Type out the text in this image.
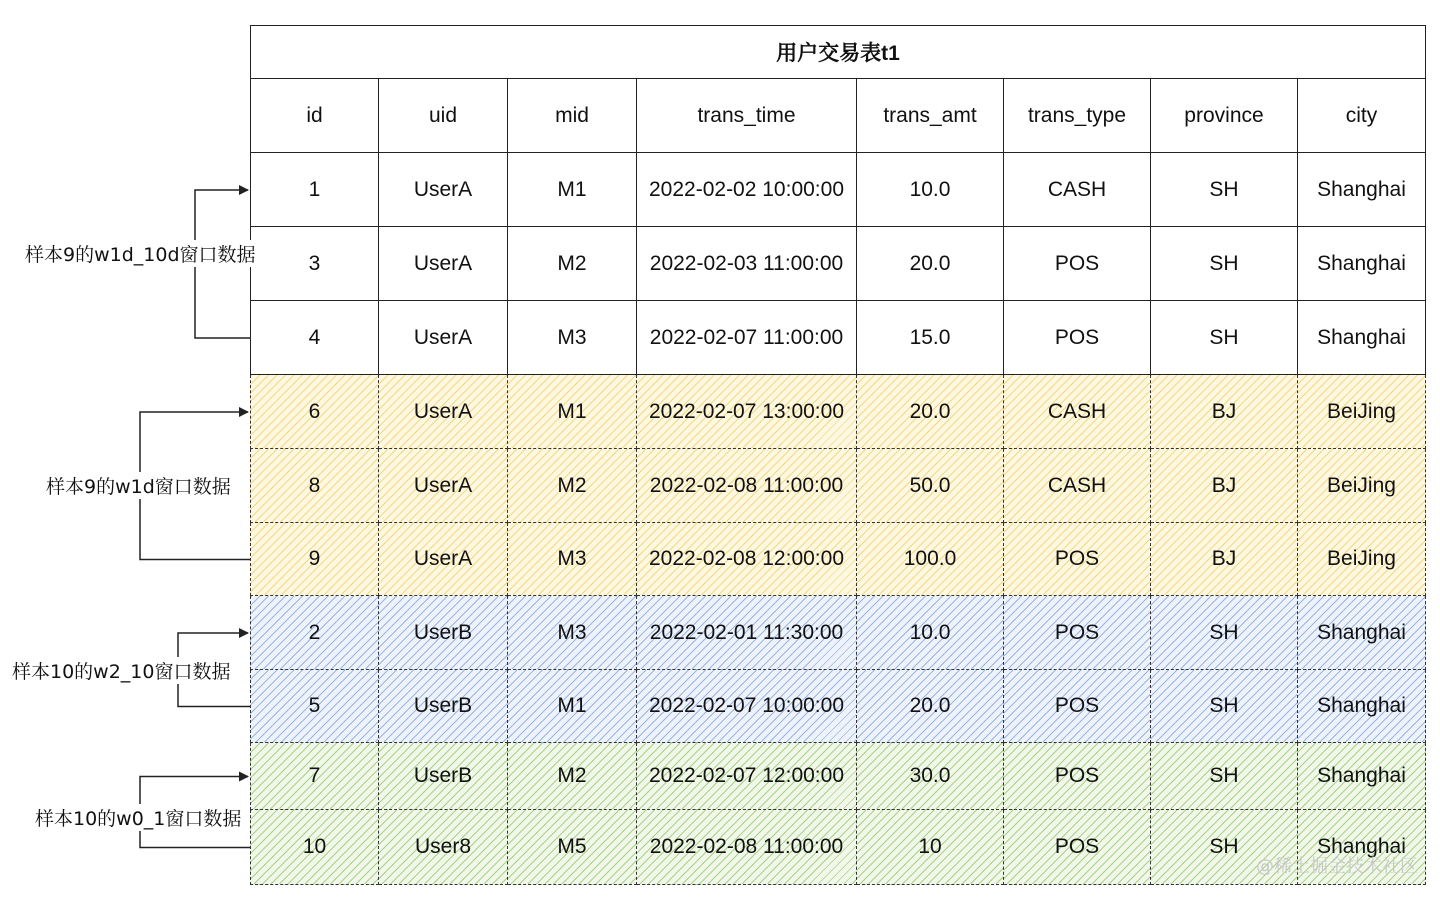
用户交易表t1
id	uid	mid	trans_time	trans_amt	trans_type	province	city
1	UserA	M1	2022-02-02 10:00:00	10.0	CASH	SH	Shanghai
3	UserA	M2	2022-02-03 11:00:00	20.0	POS	SH	Shanghai
4	UserA	M3	2022-02-07 11:00:00	15.0	POS	SH	Shanghai
6	UserA	M1	2022-02-07 13:00:00	20.0	CASH	BJ	BeiJing
8	UserA	M2	2022-02-08 11:00:00	50.0	CASH	BJ	BeiJing
9	UserA	M3	2022-02-08 12:00:00	100.0	POS	BJ	BeiJing
2	UserB	M3	2022-02-01 11:30:00	10.0	POS	SH	Shanghai
5	UserB	M1	2022-02-07 10:00:00	20.0	POS	SH	Shanghai
7	UserB	M2	2022-02-07 12:00:00	30.0	POS	SH	Shanghai
10	User8	M5	2022-02-08 11:00:00	10	POS	SH	Shanghai
@稀土掘金技术社区
样本9的w1d_10d窗口数据
样本9的w1d窗口数据
样本10的w2_10窗口数据
样本10的w0_1窗口数据
